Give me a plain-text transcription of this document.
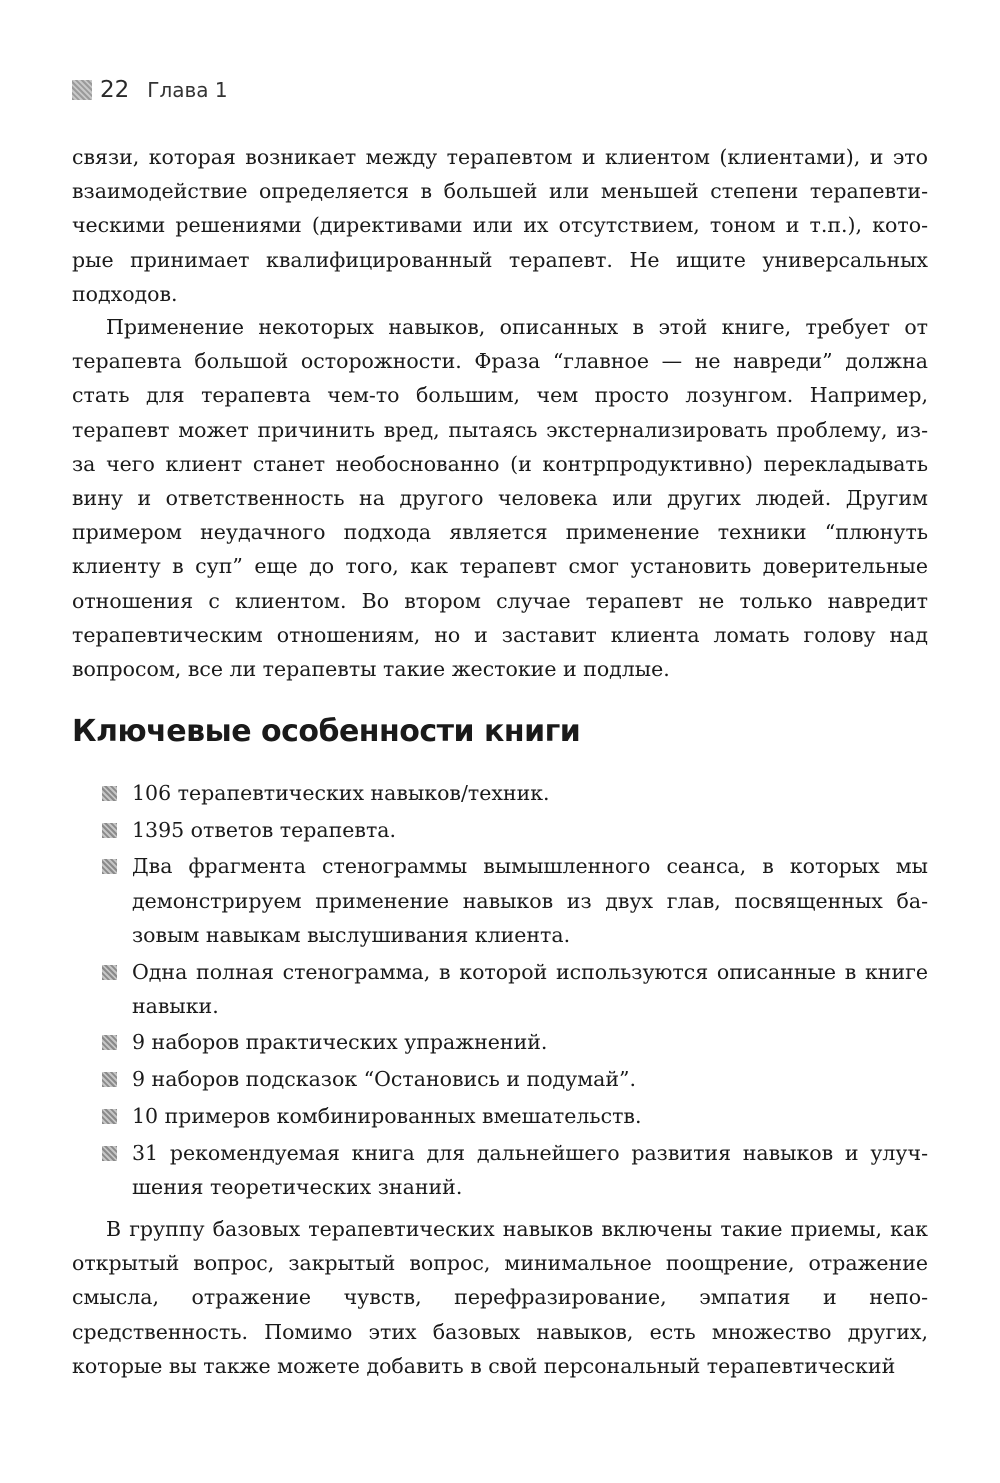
22 Глава 1

связи, которая возникает между терапевтом и клиентом (клиентами), и это взаимодействие определяется в большей или меньшей степени терапевтическими решениями (директивами или их отсутствием, тоном и т.п.), которые принимает квалифицированный терапевт. Не ищите универсальных подходов.

Применение некоторых навыков, описанных в этой книге, требует от терапевта большой осторожности. Фраза “главное — не навреди” должна стать для терапевта чем-то большим, чем просто лозунгом. Например, терапевт может причинить вред, пытаясь экстернализировать проблему, из-за чего клиент станет необоснованно (и контрпродуктивно) перекладывать вину и ответственность на другого человека или других людей. Другим примером неудачного подхода является применение техники “плюнуть клиенту в суп” еще до того, как терапевт смог установить доверительные отношения с клиентом. Во втором случае терапевт не только навредит терапевтическим отношениям, но и заставит клиента ломать голову над вопросом, все ли терапевты такие жестокие и подлые.

Ключевые особенности книги
106 терапевтических навыков/техник.
1395 ответов терапевта.
Два фрагмента стенограммы вымышленного сеанса, в которых мы демонстрируем применение навыков из двух глав, посвященных базовым навыкам выслушивания клиента.
Одна полная стенограмма, в которой используются описанные в книге навыки.
9 наборов практических упражнений.
9 наборов подсказок “Остановись и подумай”.
10 примеров комбинированных вмешательств.
31 рекомендуемая книга для дальнейшего развития навыков и улучшения теоретических знаний.

В группу базовых терапевтических навыков включены такие приемы, как открытый вопрос, закрытый вопрос, минимальное поощрение, отражение смысла, отражение чувств, перефразирование, эмпатия и непосредственность. Помимо этих базовых навыков, есть множество других, которые вы также можете добавить в свой персональный терапевтический
